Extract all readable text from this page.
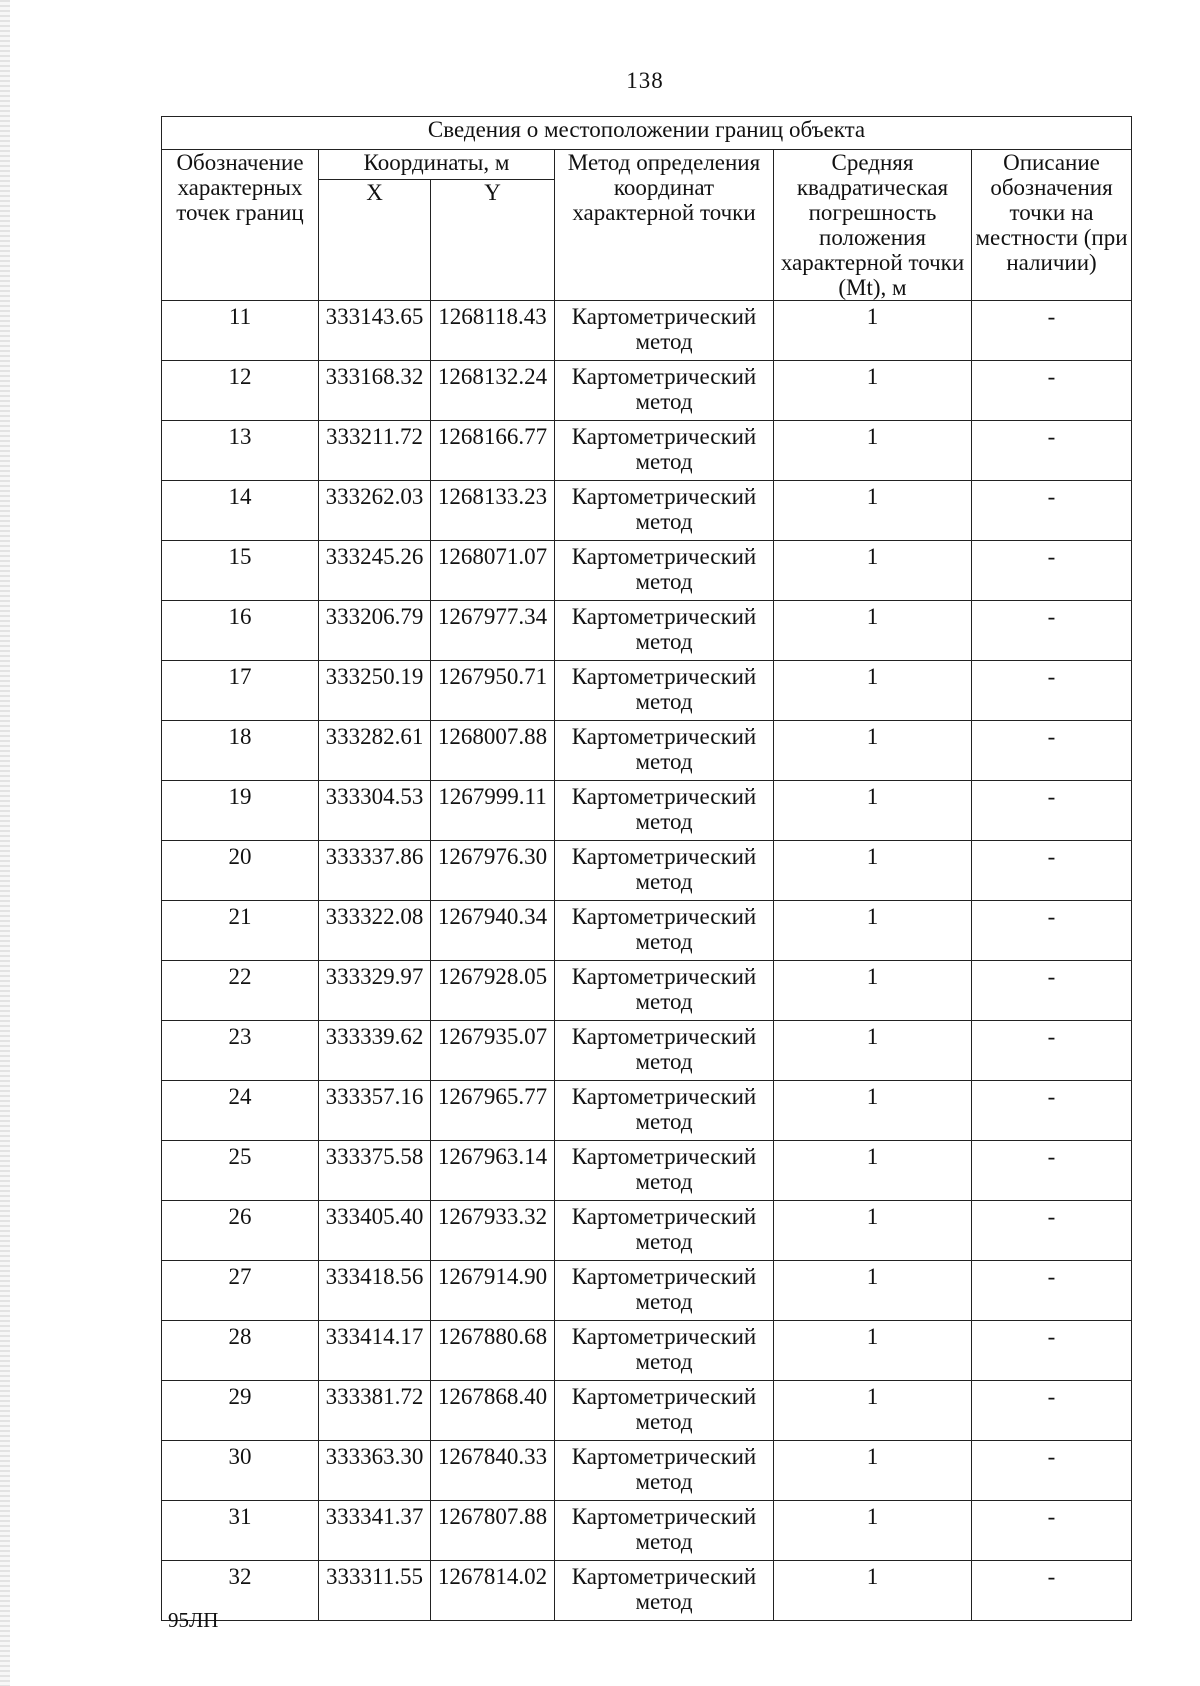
138
Сведения о местоположении границ объекта					
Обозначение характерных точек границ	Координаты, м		Метод определения координат характерной точки	Средняя квадратическая погрешность положения характерной точки (Mt), м	Описание обозначения точки на местности (при наличии)
	X	Y			
11	333143.65	1268118.43	Картометрический метод	1	-
12	333168.32	1268132.24	Картометрический метод	1	-
13	333211.72	1268166.77	Картометрический метод	1	-
14	333262.03	1268133.23	Картометрический метод	1	-
15	333245.26	1268071.07	Картометрический метод	1	-
16	333206.79	1267977.34	Картометрический метод	1	-
17	333250.19	1267950.71	Картометрический метод	1	-
18	333282.61	1268007.88	Картометрический метод	1	-
19	333304.53	1267999.11	Картометрический метод	1	-
20	333337.86	1267976.30	Картометрический метод	1	-
21	333322.08	1267940.34	Картометрический метод	1	-
22	333329.97	1267928.05	Картометрический метод	1	-
23	333339.62	1267935.07	Картометрический метод	1	-
24	333357.16	1267965.77	Картометрический метод	1	-
25	333375.58	1267963.14	Картометрический метод	1	-
26	333405.40	1267933.32	Картометрический метод	1	-
27	333418.56	1267914.90	Картометрический метод	1	-
28	333414.17	1267880.68	Картометрический метод	1	-
29	333381.72	1267868.40	Картометрический метод	1	-
30	333363.30	1267840.33	Картометрический метод	1	-
31	333341.37	1267807.88	Картометрический метод	1	-
32	333311.55	1267814.02	Картометрический метод	1	-
95ЛП
